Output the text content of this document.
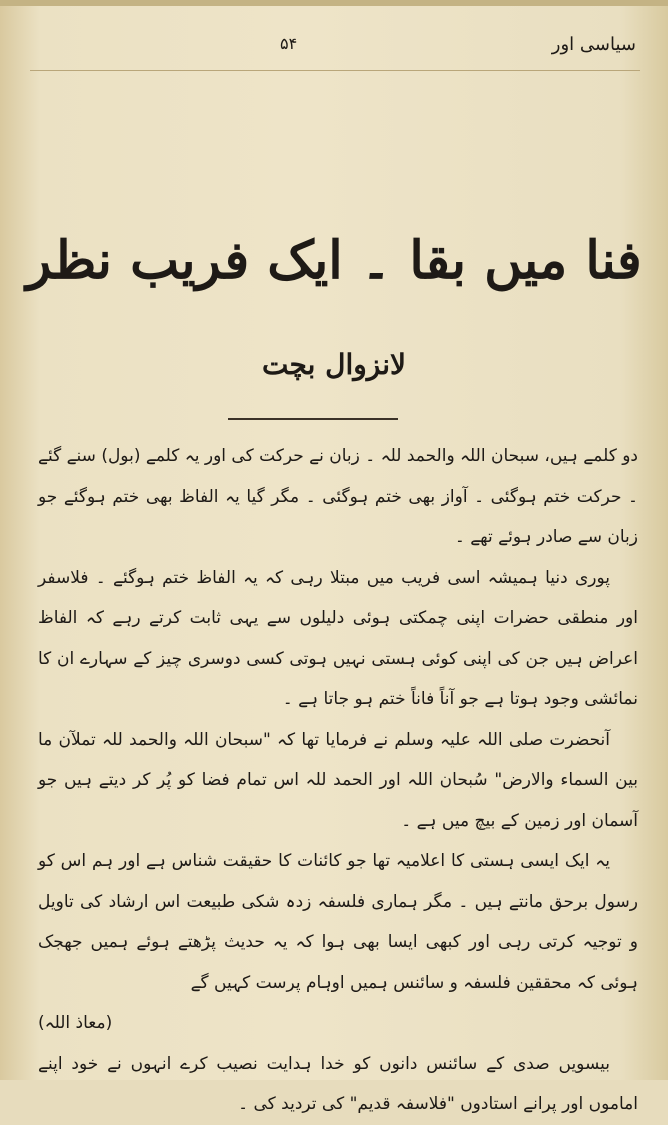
سیاسی اور
۵۴
فنا میں بقا ۔ ایک فریب نظر
لانزوال بچت

دو کلمے ہیں، سبحان اللہ والحمد للہ ۔ زبان نے حرکت کی اور یہ کلمے (بول) سنے گئے ۔ حرکت ختم ہوگئی ۔ آواز بھی ختم ہوگئی ۔ مگر گیا یہ الفاظ بھی ختم ہوگئے جو زبان سے صادر ہوئے تھے ۔

پوری دنیا ہمیشہ اسی فریب میں مبتلا رہی کہ یہ الفاظ ختم ہوگئے ۔ فلاسفر اور منطقی حضرات اپنی چمکتی ہوئی دلیلوں سے یہی ثابت کرتے رہے کہ الفاظ اعراض ہیں جن کی اپنی کوئی ہستی نہیں ہوتی کسی دوسری چیز کے سہارے ان کا نمائشی وجود ہوتا ہے جو آناً فاناً ختم ہو جاتا ہے ۔

آنحضرت صلی اللہ علیہ وسلم نے فرمایا تھا کہ "سبحان اللہ والحمد للہ تملآن ما بین السماء والارض" سُبحان اللہ اور الحمد للہ اس تمام فضا کو پُر کر دیتے ہیں جو آسمان اور زمین کے بیچ میں ہے ۔

یہ ایک ایسی ہستی کا اعلامیہ تھا جو کائنات کا حقیقت شناس ہے اور ہم اس کو رسول برحق مانتے ہیں ۔ مگر ہماری فلسفہ زدہ شکی طبیعت اس ارشاد کی تاویل و توجیہ کرتی رہی اور کبھی ایسا بھی ہوا کہ یہ حدیث پڑھتے ہوئے ہمیں جھجک ہوئی کہ محققین فلسفہ و سائنس ہمیں اوہام پرست کہیں گے

(معاذ اللہ)

بیسویں صدی کے سائنس دانوں کو خدا ہدایت نصیب کرے انہوں نے خود اپنے اماموں اور پرانے استادوں "فلاسفہ قدیم" کی تردید کی ۔
